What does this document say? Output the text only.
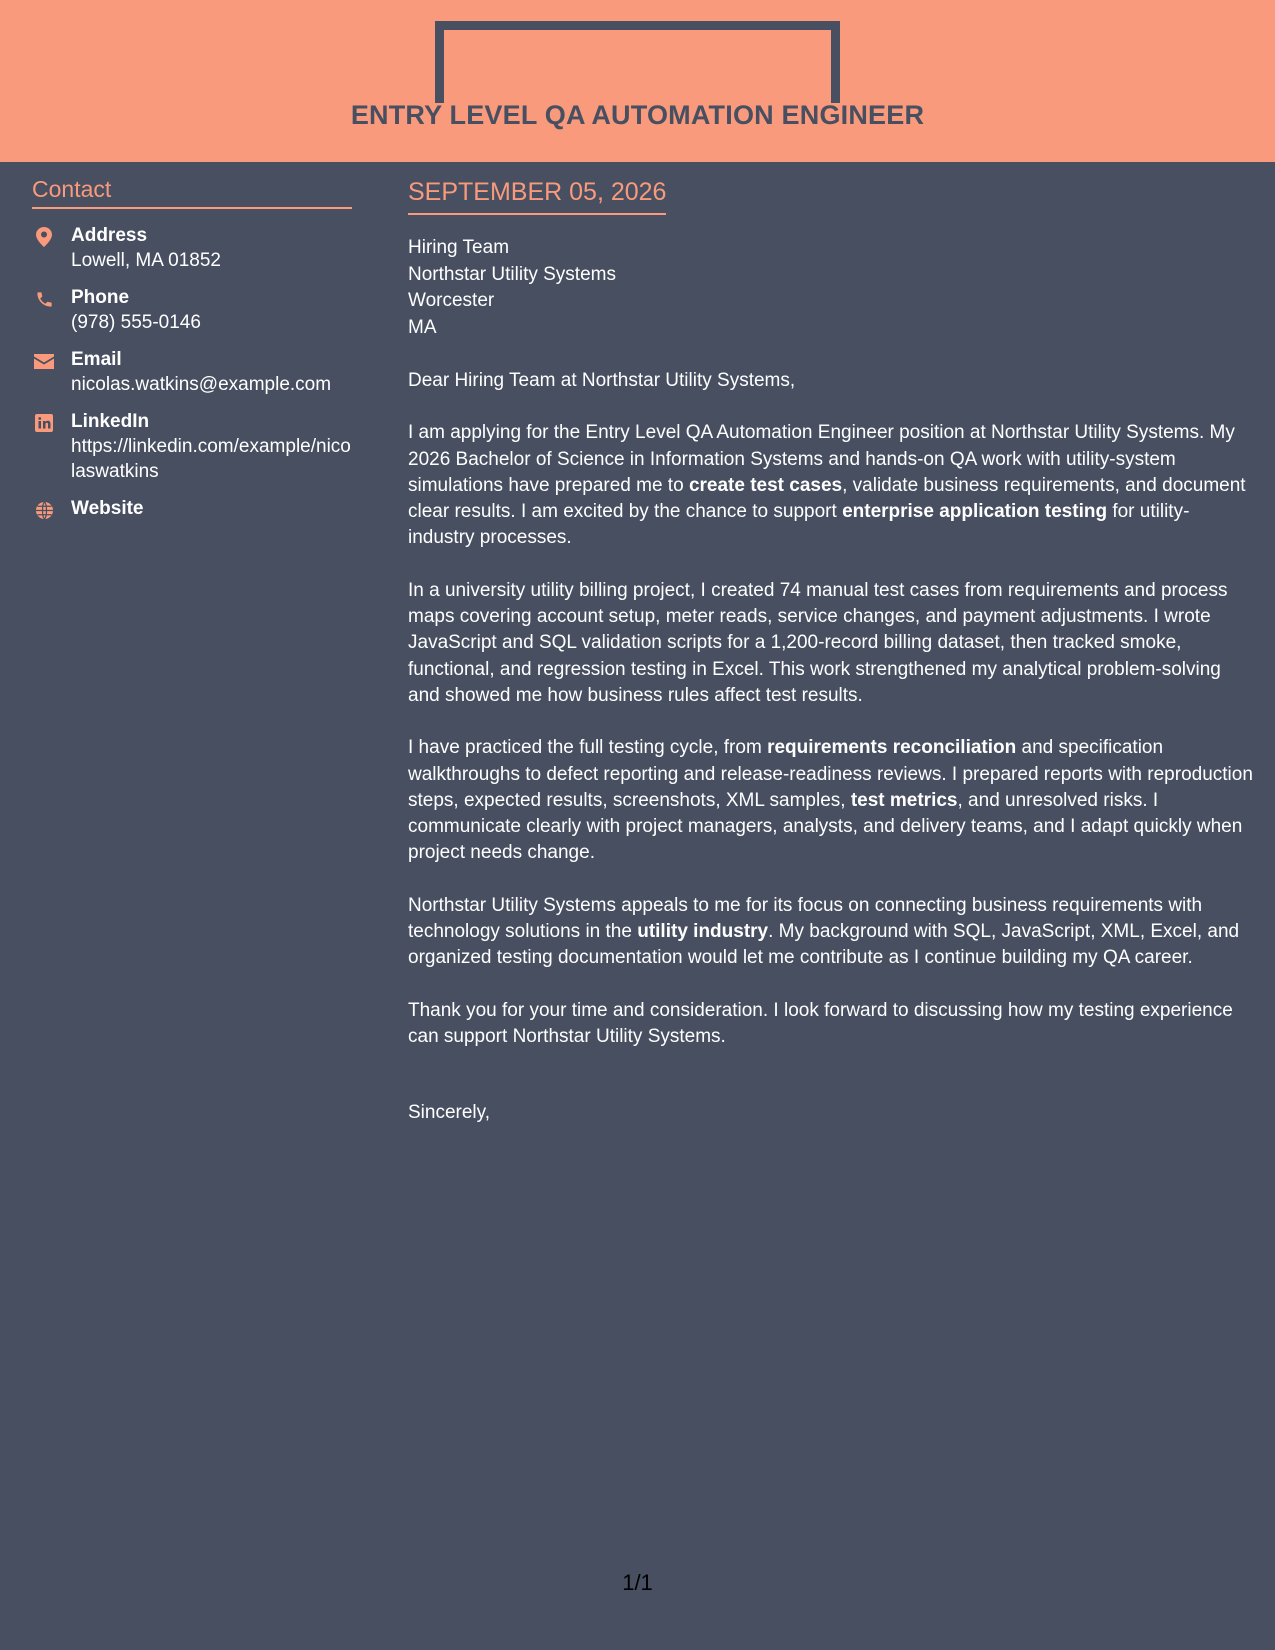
ENTRY LEVEL QA AUTOMATION ENGINEER
Contact
Address
Lowell, MA 01852
Phone
(978) 555-0146
Email
nicolas.watkins@example.com
LinkedIn
https://linkedin.com/example/nicolaswatkins
Website
SEPTEMBER 05, 2026
Hiring Team
Northstar Utility Systems
Worcester
MA

Dear Hiring Team at Northstar Utility Systems,

I am applying for the Entry Level QA Automation Engineer position at Northstar Utility Systems. My 2026 Bachelor of Science in Information Systems and hands-on QA work with utility-system simulations have prepared me to create test cases, validate business requirements, and document clear results. I am excited by the chance to support enterprise application testing for utility-industry processes.

In a university utility billing project, I created 74 manual test cases from requirements and process maps covering account setup, meter reads, service changes, and payment adjustments. I wrote JavaScript and SQL validation scripts for a 1,200-record billing dataset, then tracked smoke, functional, and regression testing in Excel. This work strengthened my analytical problem-solving and showed me how business rules affect test results.

I have practiced the full testing cycle, from requirements reconciliation and specification walkthroughs to defect reporting and release-readiness reviews. I prepared reports with reproduction steps, expected results, screenshots, XML samples, test metrics, and unresolved risks. I communicate clearly with project managers, analysts, and delivery teams, and I adapt quickly when project needs change.

Northstar Utility Systems appeals to me for its focus on connecting business requirements with technology solutions in the utility industry. My background with SQL, JavaScript, XML, Excel, and organized testing documentation would let me contribute as I continue building my QA career.

Thank you for your time and consideration. I look forward to discussing how my testing experience can support Northstar Utility Systems.

Sincerely,
1/1
